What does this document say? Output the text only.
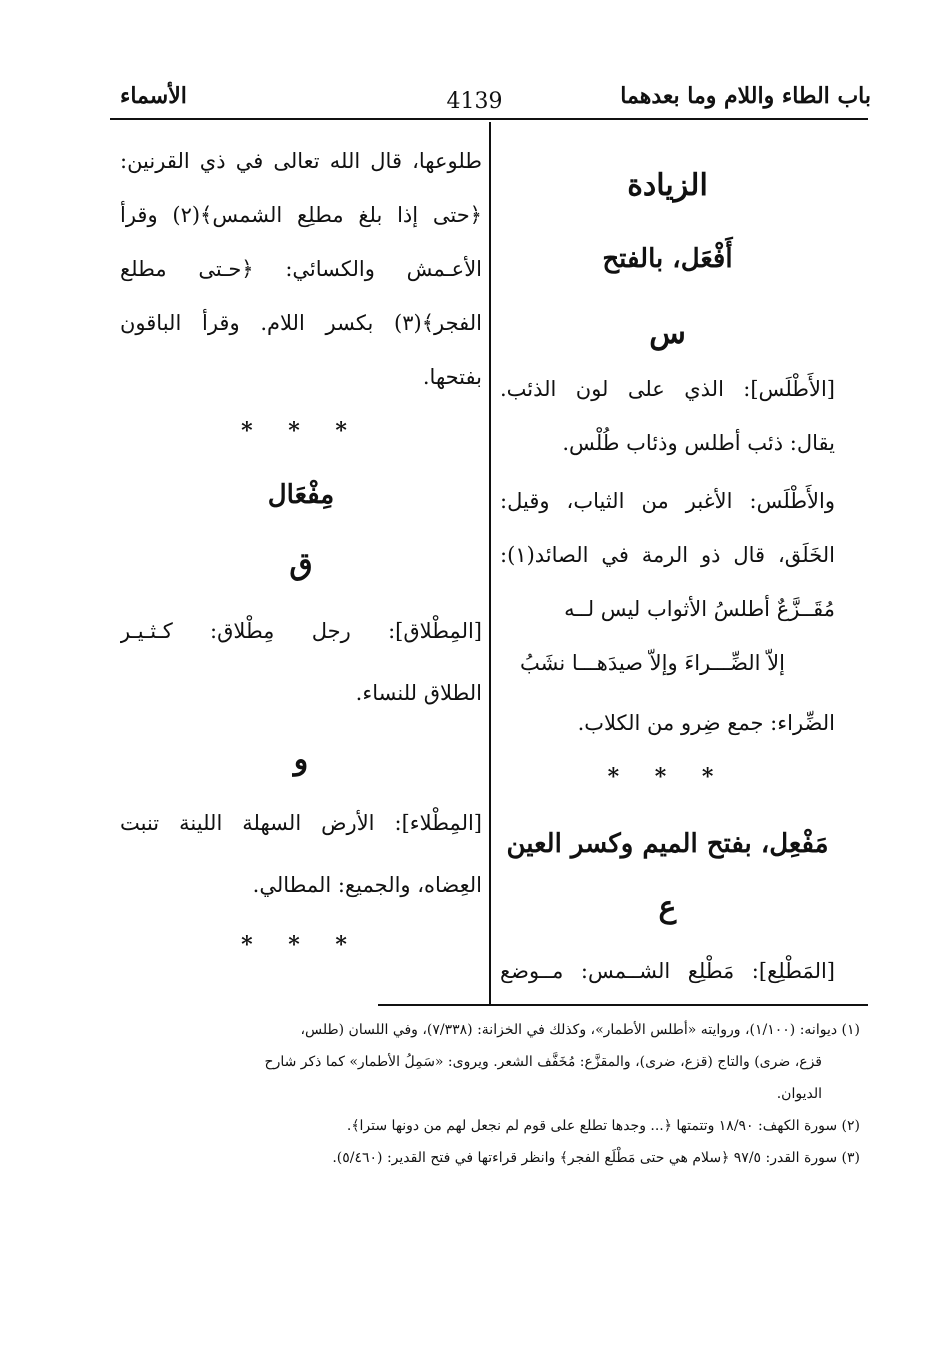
باب الطاء واللام وما بعدهما
4139
الأسماء
الزيادة
أَفْعَل، بالفتح
س
[الأَطْلَس]: الذي على لون الذئب.
يقال: ذئب أطلس وذئاب طُلْس.
والأَطْلَس: الأغبر من الثياب، وقيل:
الخَلَق، قال ذو الرمة في الصائد(١):
مُقَــزَّعٌ أطلسُ الأثواب ليس لــه
إلاّ الضِّـــراءَ وإلاّ صيدَهـــا نشَبُ
الضِّراء: جمع ضِرو من الكلاب.
* * *
مَفْعِل، بفتح الميم وكسر العين
ع
[المَطْلِع]: مَطْلِع الشــمس: مــوضع
طلوعها، قال الله تعالى في ذي القرنين:
﴿حتى إذا بلغ مطلِع الشمس﴾(٢) وقرأ
الأعـمش والكسائي: ﴿حـتى مطلع
الفجر﴾(٣) بكسر اللام. وقرأ الباقون
بفتحها.
* * *
مِفْعَال
ق
[المِطْلاق]: رجل مِطْلاق: كـثـيـر
الطلاق للنساء.
و
[المِطْلاء]: الأرض السهلة اللينة تنبت
العِضاه، والجميع: المطالي.
* * *
(١) ديوانه: (١/١٠٠)، وروايته «أطلس الأطمار»، وكذلك في الخزانة: (٧/٣٣٨)، وفي اللسان (طلس،
قزع، ضرى) والتاج (قزع، ضرى)، والمقزَّع: مُخَفَّف الشعر. ويروى: «سَمِلُ الأطمار» كما ذكر شارح
الديوان.
(٢) سورة الكهف: ١٨/٩٠ وتتمتها ﴿... وجدها تطلع على قوم لم نجعل لهم من دونها سترا﴾.
(٣) سورة القدر: ٩٧/٥ ﴿سلام هي حتى مَطْلَع الفجر﴾ وانظر قراءتها في فتح القدير: (٥/٤٦٠).
